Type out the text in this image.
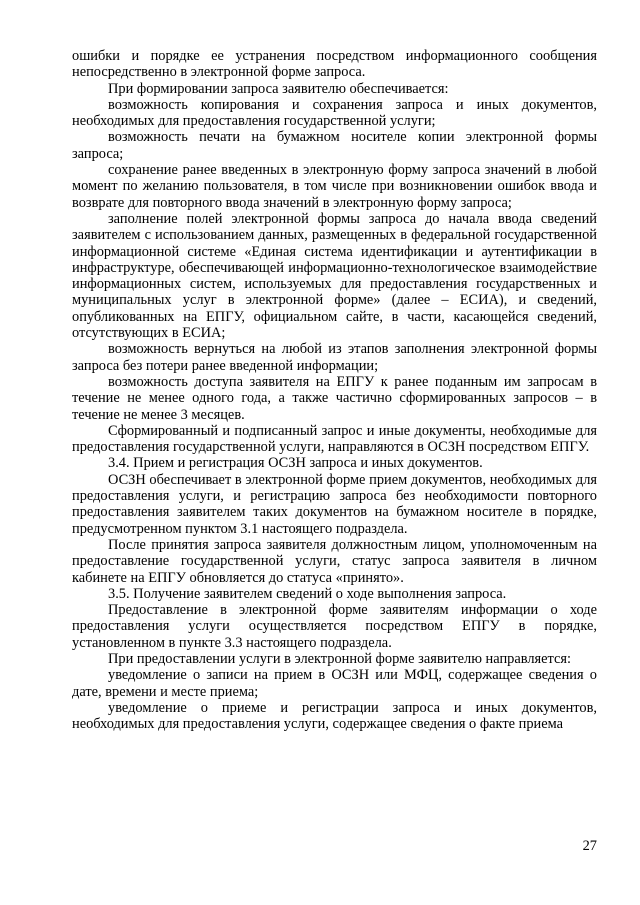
ошибки и порядке ее устранения посредством информационного сообщения непосредственно в электронной форме запроса.

При формировании запроса заявителю обеспечивается:

возможность копирования и сохранения запроса и иных документов, необходимых для предоставления государственной услуги;

возможность печати на бумажном носителе копии электронной формы запроса;

сохранение ранее введенных в электронную форму запроса значений в любой момент по желанию пользователя, в том числе при возникновении ошибок ввода и возврате для повторного ввода значений в электронную форму запроса;

заполнение полей электронной формы запроса до начала ввода сведений заявителем с использованием данных, размещенных в федеральной государственной информационной системе «Единая система идентификации и аутентификации в инфраструктуре, обеспечивающей информационно-технологическое взаимодействие информационных систем, используемых для предоставления государственных и муниципальных услуг в электронной форме» (далее – ЕСИА), и сведений, опубликованных на ЕПГУ, официальном сайте, в части, касающейся сведений, отсутствующих в ЕСИА;

возможность вернуться на любой из этапов заполнения электронной формы запроса без потери ранее введенной информации;

возможность доступа заявителя на ЕПГУ к ранее поданным им запросам в течение не менее одного года, а также частично сформированных запросов – в течение не менее 3 месяцев.

Сформированный и подписанный запрос и иные документы, необходимые для предоставления государственной услуги, направляются в ОСЗН посредством ЕПГУ.

3.4. Прием и регистрация ОСЗН запроса и иных документов.

ОСЗН обеспечивает в электронной форме прием документов, необходимых для предоставления услуги, и регистрацию запроса без необходимости повторного предоставления заявителем таких документов на бумажном носителе в порядке, предусмотренном пунктом 3.1 настоящего подраздела.

После принятия запроса заявителя должностным лицом, уполномоченным на предоставление государственной услуги, статус запроса заявителя в личном кабинете на ЕПГУ обновляется до статуса «принято».

3.5. Получение заявителем сведений о ходе выполнения запроса.

Предоставление в электронной форме заявителям информации о ходе предоставления услуги осуществляется посредством ЕПГУ в порядке, установленном в пункте 3.3 настоящего подраздела.

При предоставлении услуги в электронной форме заявителю направляется:

уведомление о записи на прием в ОСЗН или МФЦ, содержащее сведения о дате, времени и месте приема;

уведомление о приеме и регистрации запроса и иных документов, необходимых для предоставления услуги, содержащее сведения о факте приема

27
